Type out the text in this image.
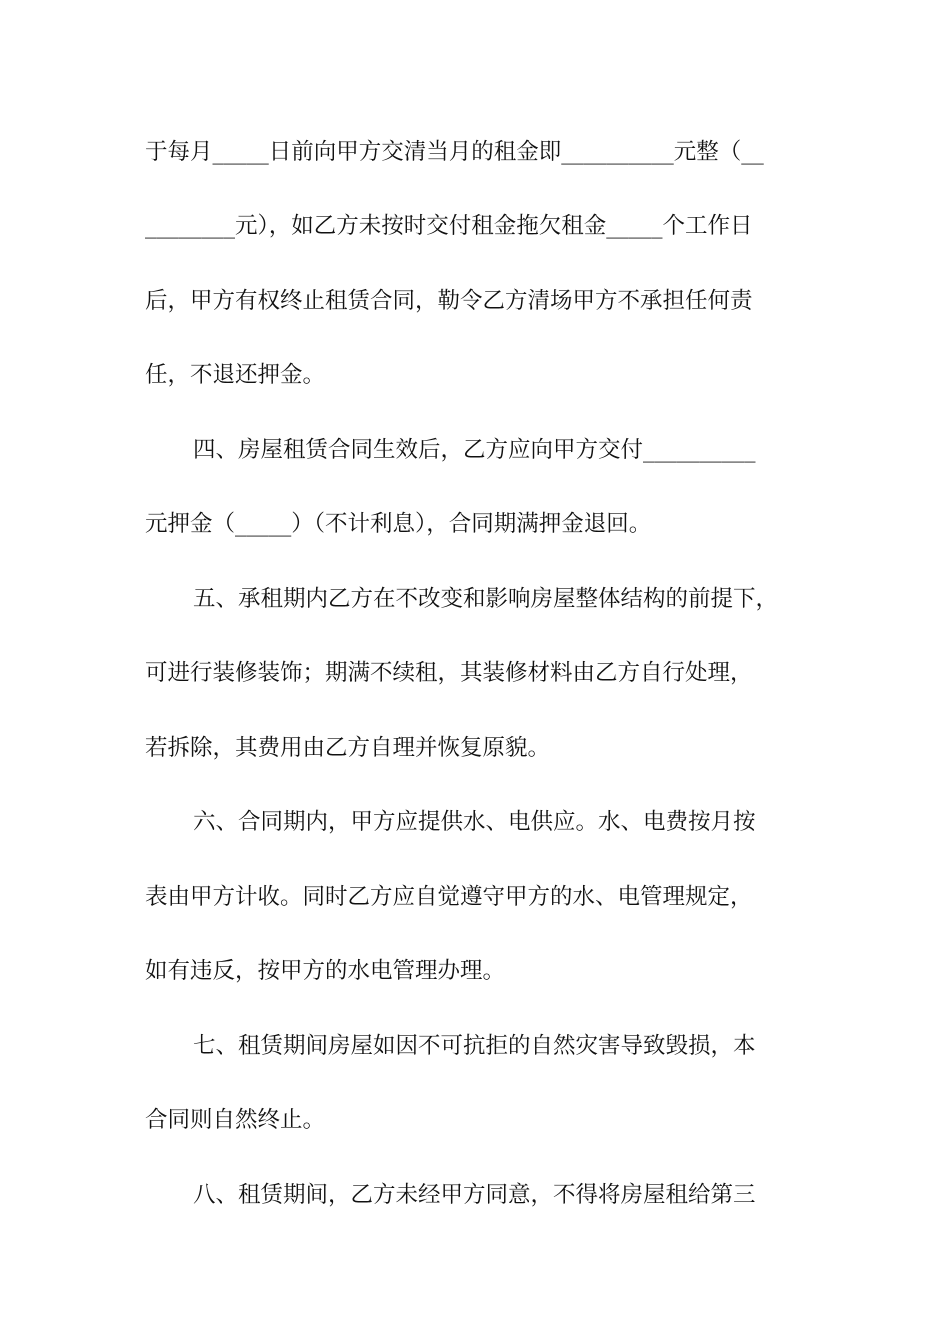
于每月_____日前向甲方交清当月的租金即__________元整（__
________元），如乙方未按时交付租金拖欠租金_____个工作日
后，甲方有权终止租赁合同，勒令乙方清场甲方不承担任何责
任，不退还押金。
四、房屋租赁合同生效后，乙方应向甲方交付__________
元押金（_____）（不计利息），合同期满押金退回。
五、承租期内乙方在不改变和影响房屋整体结构的前提下，
可进行装修装饰；期满不续租，其装修材料由乙方自行处理，
若拆除，其费用由乙方自理并恢复原貌。
六、合同期内，甲方应提供水、电供应。水、电费按月按
表由甲方计收。同时乙方应自觉遵守甲方的水、电管理规定，
如有违反，按甲方的水电管理办理。
七、租赁期间房屋如因不可抗拒的自然灾害导致毁损，本
合同则自然终止。
八、租赁期间，乙方未经甲方同意，不得将房屋租给第三
